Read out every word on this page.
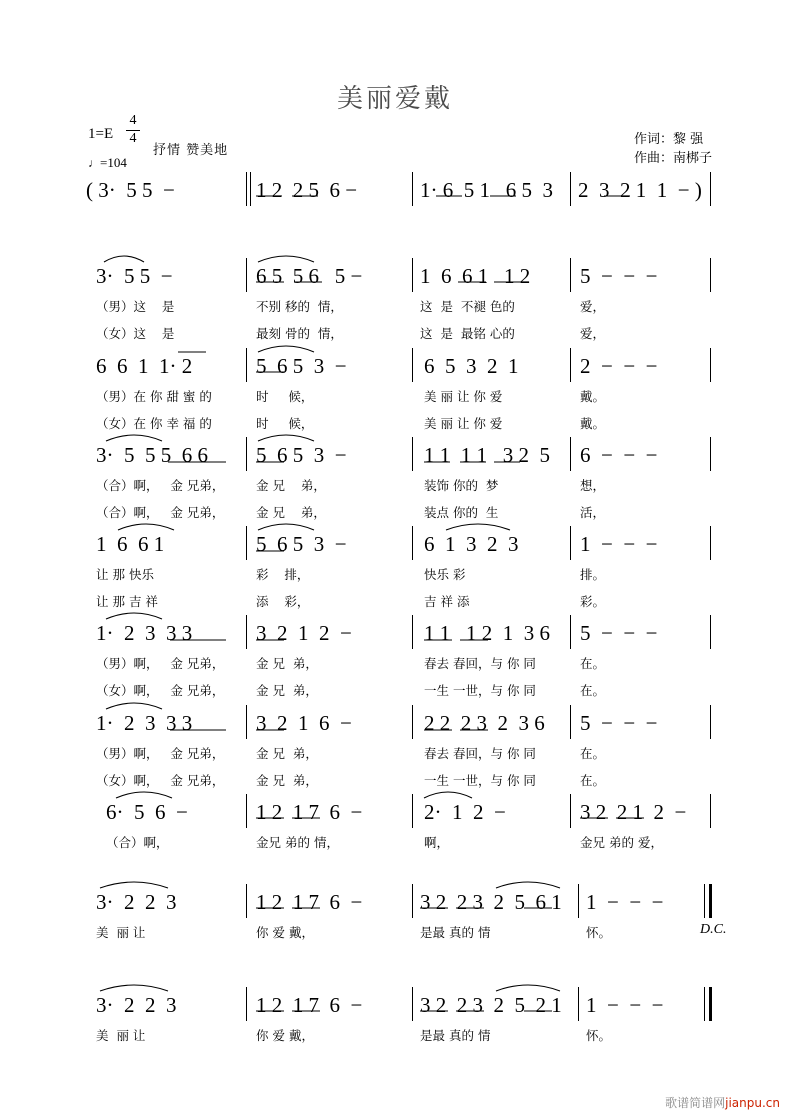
美丽爱戴
1=E
4
4
抒情 赞美地
♩=104
作词：黎 强
作曲：南梆子
( 3·  5 5  −	1 2  2 5  6 −	1· 6  5 1   6 5  3 2  3  2 1  1  − )
3·  5 5  −
（男）这    是
（女）这    是
6 5  5 6   5 −
不别 移的  情，
最刻 骨的  情，
1  6  6 1   1 2
这  是  不褪 色的
这  是  最铭 心的
5  −  −  −
爱，
爱，
6  6  1  1· 2
（男）在 你 甜 蜜 的
（女）在 你 幸 福 的
5  6 5  3  −
时     候，
时     候，
6  5  3  2  1
美 丽 让 你 爱
美 丽 让 你 爱
2  −  −  −
戴。
戴。
3·  5  5 5  6 6
（合）啊，   金 兄弟，
（合）啊，   金 兄弟，
5  6 5  3  −
金 兄    弟，
金 兄    弟，
1 1  1 1   3 2  5
装饰 你的  梦
装点 你的  生
6  −  −  −
想，
活，
1  6  6 1
让 那 快乐
让 那 吉 祥
5  6 5  3  −
彩    排，
添    彩，
6  1  3  2  3
快乐 彩
吉 祥 添
1  −  −  −
排。
彩。
1·  2  3  3 3
（男）啊，   金 兄弟，
（女）啊，   金 兄弟，
3  2  1  2  −
金 兄  弟，
金 兄  弟，
1 1   1 2  1  3 6
春去 春回，与 你 同
一生 一世，与 你 同
5  −  −  −
在。
在。
1·  2  3  3 3
（男）啊，   金 兄弟，
（女）啊，   金 兄弟，
3  2  1  6  −
金 兄  弟，
金 兄  弟，
2 2  2 3  2  3 6
春去 春回，与 你 同
一生 一世，与 你 同
5  −  −  −
在。
在。
6·  5  6  −
（合）啊，
1 2  1 7  6  −
金兄 弟的 情，
2·  1  2  −
啊，
3 2  2 1  2  −
金兄 弟的 爱，
3·  2  2  3
美  丽 让
1 2  1 7  6  −
你 爱 戴，
3 2  2 3  2  5  6 1
是最 真的 情
1  −  −  −
怀。	D.C.
3·  2  2  3
美  丽 让
1 2  1 7  6  −
你 爱 戴，
3 2  2 3  2  5  2 1
是最 真的 情
1  −  −  −
怀。
歌谱简谱网jianpu.cn
